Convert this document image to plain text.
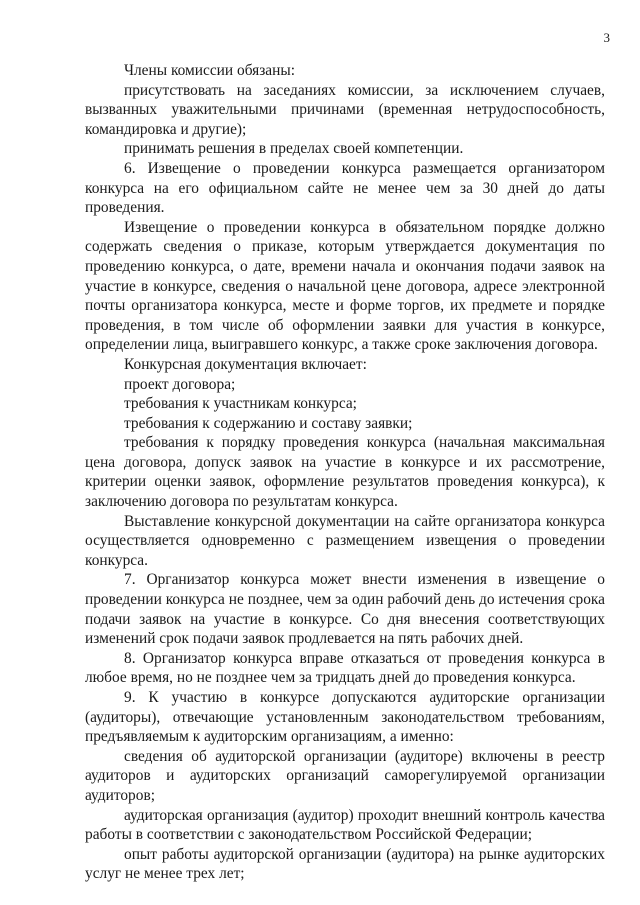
3

Члены комиссии обязаны:

присутствовать на заседаниях комиссии, за исключением случаев, вызванных уважительными причинами (временная нетрудоспособность, командировка и другие);

принимать решения в пределах своей компетенции.

6. Извещение о проведении конкурса размещается организатором конкурса на его официальном сайте не менее чем за 30 дней до даты проведения.

Извещение о проведении конкурса в обязательном порядке должно содержать сведения о приказе, которым утверждается документация по проведению конкурса, о дате, времени начала и окончания подачи заявок на участие в конкурсе, сведения о начальной цене договора, адресе электронной почты организатора конкурса, месте и форме торгов, их предмете и порядке проведения, в том числе об оформлении заявки для участия в конкурсе, определении лица, выигравшего конкурс, а также сроке заключения договора.

Конкурсная документация включает:

проект договора;

требования к участникам конкурса;

требования к содержанию и составу заявки;

требования к порядку проведения конкурса (начальная максимальная цена договора, допуск заявок на участие в конкурсе и их рассмотрение, критерии оценки заявок, оформление результатов проведения конкурса), к заключению договора по результатам конкурса.

Выставление конкурсной документации на сайте организатора конкурса осуществляется одновременно с размещением извещения о проведении конкурса.

7. Организатор конкурса может внести изменения в извещение о проведении конкурса не позднее, чем за один рабочий день до истечения срока подачи заявок на участие в конкурсе. Со дня внесения соответствующих изменений срок подачи заявок продлевается на пять рабочих дней.

8. Организатор конкурса вправе отказаться от проведения конкурса в любое время, но не позднее чем за тридцать дней до проведения конкурса.

9. К участию в конкурсе допускаются аудиторские организации (аудиторы), отвечающие установленным законодательством требованиям, предъявляемым к аудиторским организациям, а именно:

сведения об аудиторской организации (аудиторе) включены в реестр аудиторов и аудиторских организаций саморегулируемой организации аудиторов;

аудиторская организация (аудитор) проходит внешний контроль качества работы в соответствии с законодательством Российской Федерации;

опыт работы аудиторской организации (аудитора) на рынке аудиторских услуг не менее трех лет;
